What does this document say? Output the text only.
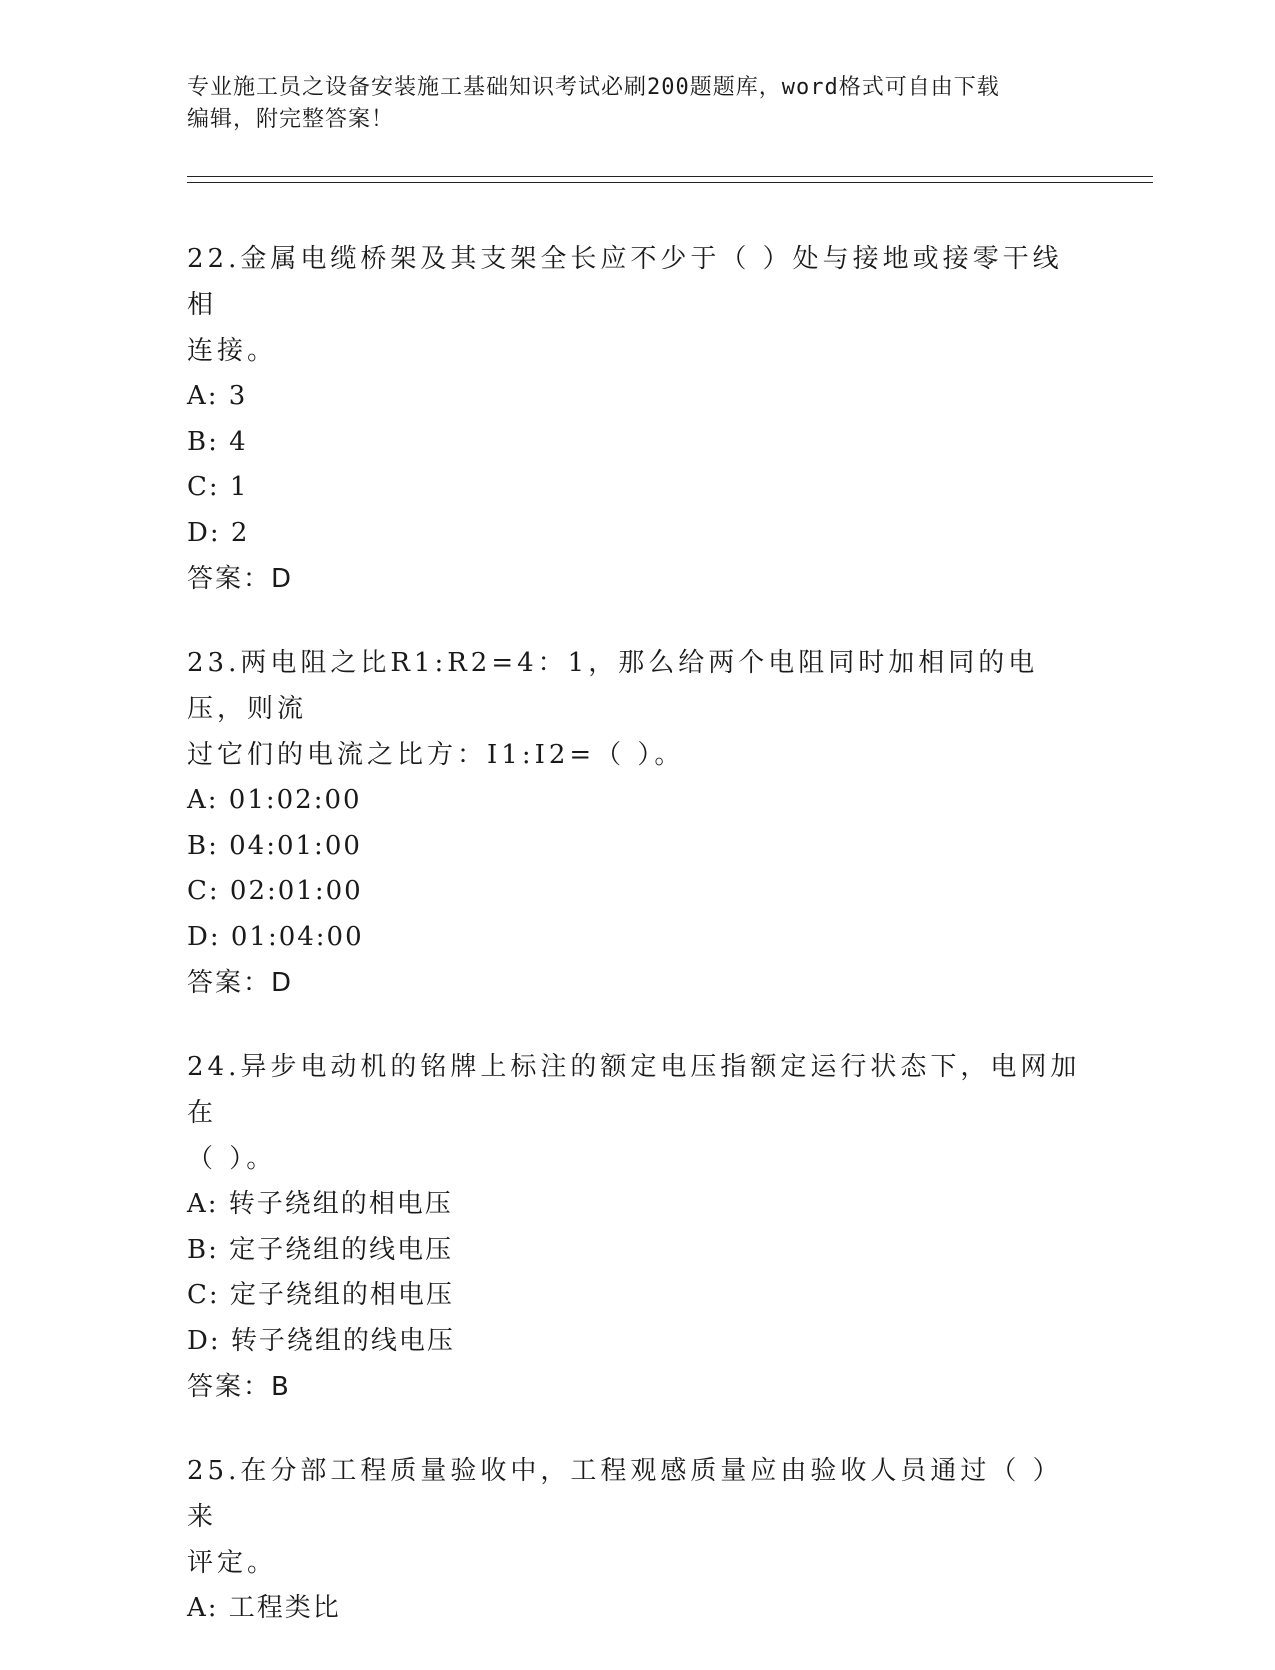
专业施工员之设备安装施工基础知识考试必刷200题题库，word格式可自由下载
编辑，附完整答案！

22.金属电缆桥架及其支架全长应不少于（ ）处与接地或接零干线相

连接。

A: 3

B: 4

C: 1

D: 2

答案：D

23.两电阻之比R1:R2=4：1，那么给两个电阻同时加相同的电压，则流

过它们的电流之比方：I1:I2=（ ）。

A: 01:02:00

B: 04:01:00

C: 02:01:00

D: 01:04:00

答案：D

24.异步电动机的铭牌上标注的额定电压指额定运行状态下，电网加在

（ ）。

A: 转子绕组的相电压

B: 定子绕组的线电压

C: 定子绕组的相电压

D: 转子绕组的线电压

答案：B

25.在分部工程质量验收中，工程观感质量应由验收人员通过（ ）来

评定。

A: 工程类比
